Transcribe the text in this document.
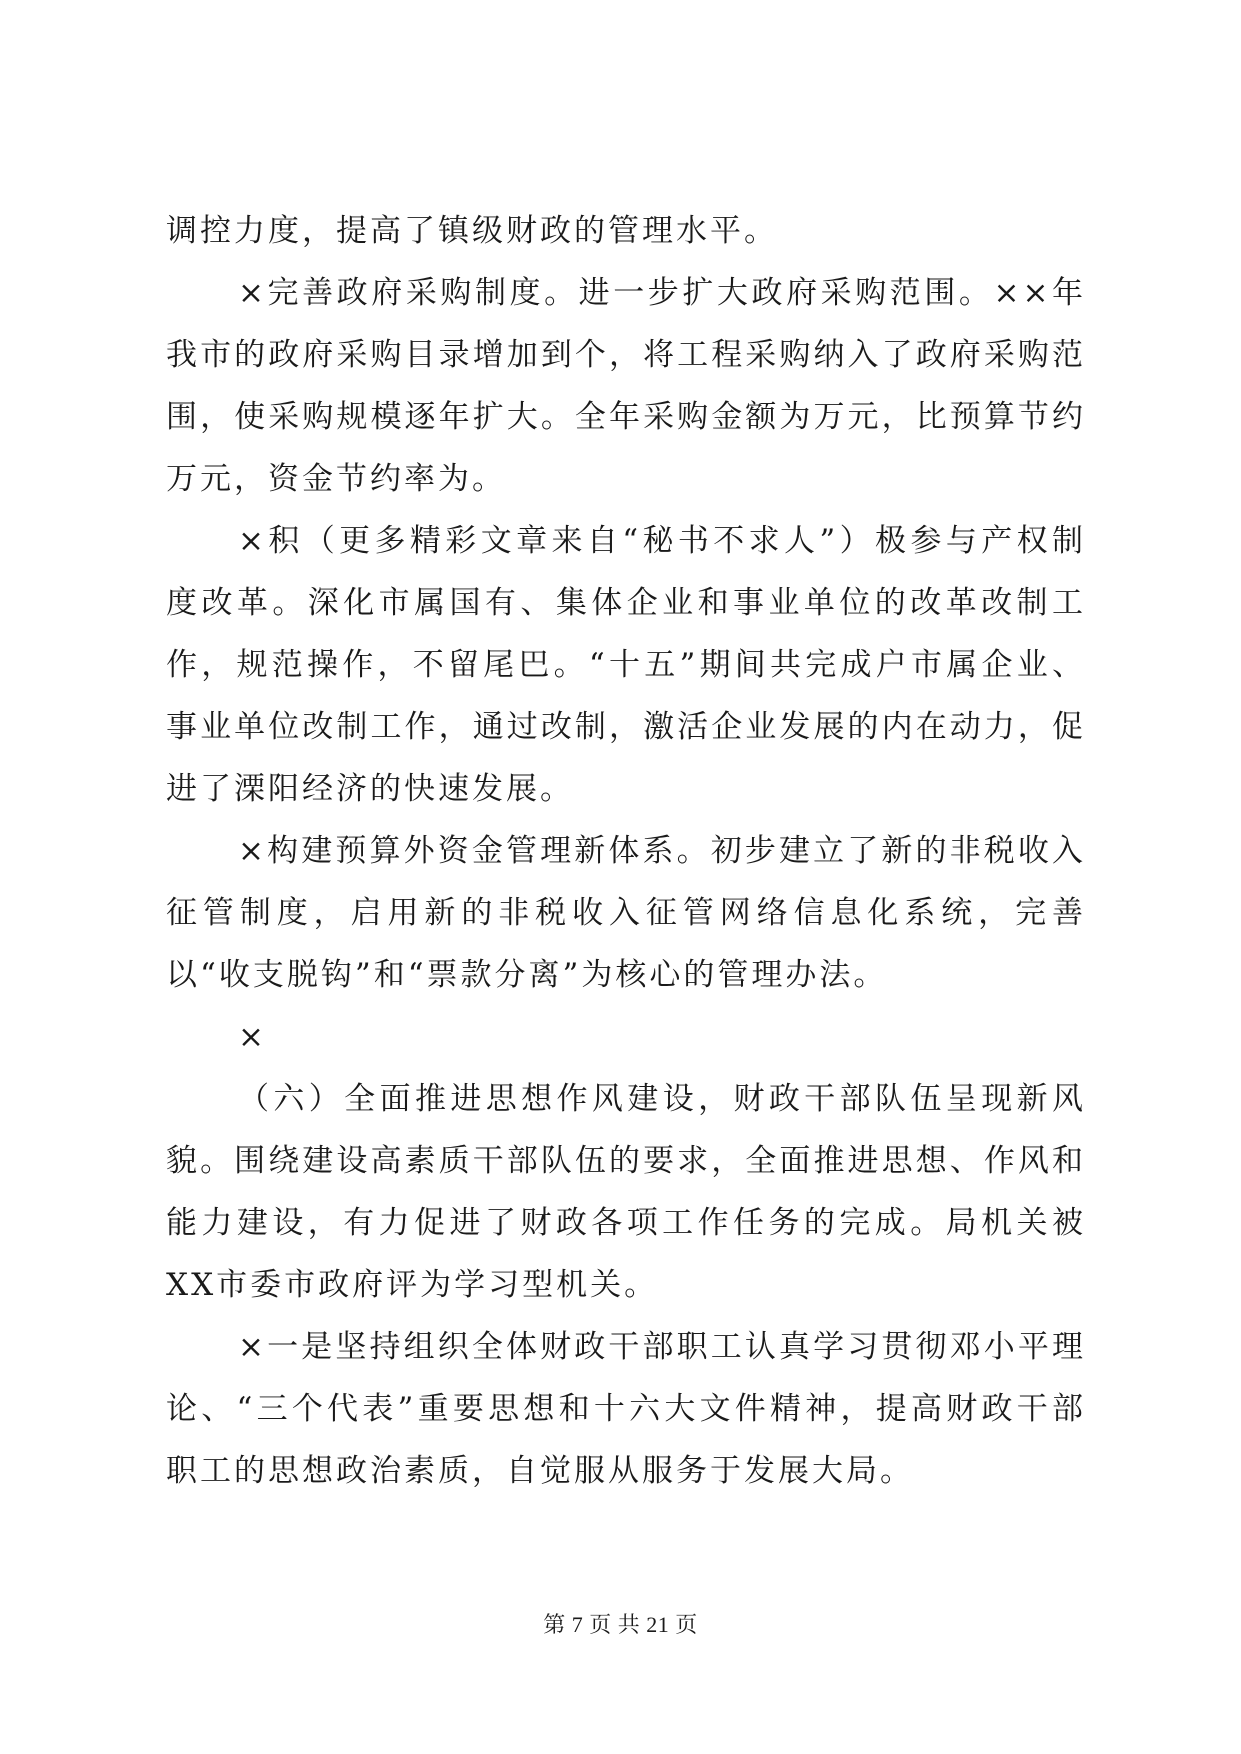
调控力度，提高了镇级财政的管理水平。

×完善政府采购制度。进一步扩大政府采购范围。××年我市的政府采购目录增加到个，将工程采购纳入了政府采购范围，使采购规模逐年扩大。全年采购金额为万元，比预算节约万元，资金节约率为。

×积（更多精彩文章来自“秘书不求人”）极参与产权制度改革。深化市属国有、集体企业和事业单位的改革改制工作，规范操作，不留尾巴。“十五”期间共完成户市属企业、事业单位改制工作，通过改制，激活企业发展的内在动力，促进了溧阳经济的快速发展。

×构建预算外资金管理新体系。初步建立了新的非税收入征管制度，启用新的非税收入征管网络信息化系统，完善以“收支脱钩”和“票款分离”为核心的管理办法。

×

（六）全面推进思想作风建设，财政干部队伍呈现新风貌。围绕建设高素质干部队伍的要求，全面推进思想、作风和能力建设，有力促进了财政各项工作任务的完成。局机关被XX市委市政府评为学习型机关。

×一是坚持组织全体财政干部职工认真学习贯彻邓小平理论、“三个代表”重要思想和十六大文件精神，提高财政干部职工的思想政治素质，自觉服从服务于发展大局。

第 7 页 共 21 页
